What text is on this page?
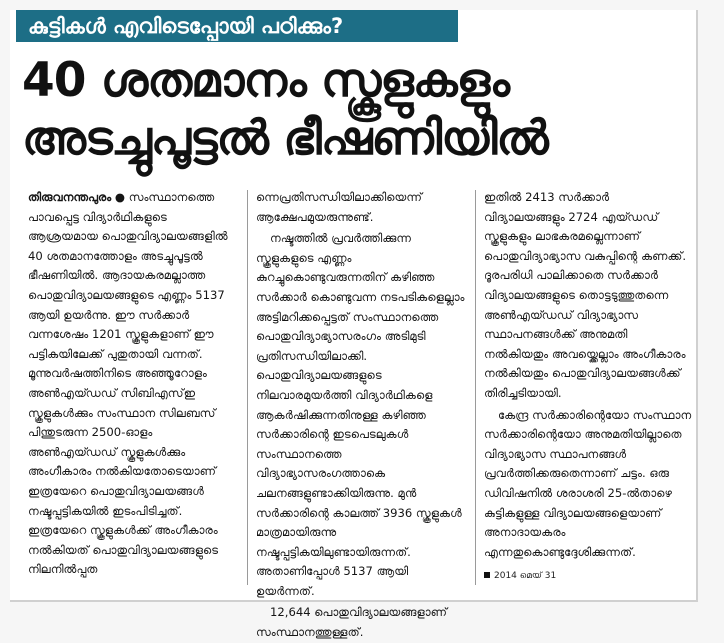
കുട്ടികൾ എവിടെപ്പോയി പഠിക്കും?
40 ശതമാനം സ്കൂളുകളും
അടച്ചുപൂട്ടൽ ഭീഷണിയിൽ

തിരുവനന്തപുരം ● സംസ്ഥാനത്തെ പാവപ്പെട്ട വിദ്യാർഥികളുടെ ആശ്രയമായ പൊതുവിദ്യാലയങ്ങളിൽ 40 ശതമാനത്തോളം അടച്ചുപൂട്ടൽ ഭീഷണിയിൽ. ആദായകരമല്ലാത്ത പൊതുവിദ്യാലയങ്ങളുടെ എണ്ണം 5137 ആയി ഉയർന്നു. ഈ സർക്കാർ വന്നശേഷം 1201 സ്കൂളുകളാണ് ഈ പട്ടികയിലേക്ക് പുതുതായി വന്നത്. മൂന്നുവർഷത്തിനിടെ അഞ്ഞൂറോളം അൺഎയ്ഡഡ് സിബിഎസ്ഇ സ്കൂളുകൾക്കും സംസ്ഥാന സിലബസ് പിന്തുടരുന്ന 2500-ഓളം അൺഎയ്ഡഡ് സ്കൂളുകൾക്കും അംഗീകാരം നൽകിയതോടെയാണ് ഇത്രയേറെ പൊതുവിദ്യാലയങ്ങൾ നഷ്ടപ്പട്ടികയിൽ ഇടംപിടിച്ചത്. ഇത്രയേറെ സ്കൂളുകൾക്ക് അംഗീകാരം നൽകിയത് പൊതുവിദ്യാലയങ്ങളുടെ നിലനിൽപ്പത

ന്നെപ്രതിസന്ധിയിലാക്കിയെന്ന് ആക്ഷേപമുയരുന്നുണ്ട്.

നഷ്ടത്തിൽ പ്രവർത്തിക്കുന്ന സ്കൂളുകളുടെ എണ്ണം കുറച്ചുകൊണ്ടുവരുന്നതിന് കഴിഞ്ഞ സർക്കാർ കൊണ്ടുവന്ന നടപടികളെല്ലാം അട്ടിമറിക്കപ്പെട്ടത് സംസ്ഥാനത്തെ പൊതുവിദ്യാഭ്യാസരംഗം അടിമുടി പ്രതിസന്ധിയിലാക്കി. പൊതുവിദ്യാലയങ്ങളുടെ നിലവാരമുയർത്തി വിദ്യാർഥികളെ ആകർഷിക്കുന്നതിനുള്ള കഴിഞ്ഞ സർക്കാരിന്റെ ഇടപെടലുകൾ സംസ്ഥാനത്തെ വിദ്യാഭ്യാസരംഗത്താകെ ചലനങ്ങളുണ്ടാക്കിയിരുന്നു. മുൻ സർക്കാരിന്റെ കാലത്ത് 3936 സ്കൂളുകൾ മാത്രമായിരുന്നു നഷ്ടപ്പട്ടികയിലുണ്ടായിരുന്നത്. അതാണിപ്പോൾ 5137 ആയി ഉയർന്നത്.

12,644 പൊതുവിദ്യാലയങ്ങളാണ് സംസ്ഥാനത്തുള്ളത്.

ഇതിൽ 2413 സർക്കാർ വിദ്യാലയങ്ങളും 2724 എയ്ഡഡ് സ്കൂളുകളും ലാഭകരമല്ലെന്നാണ് പൊതുവിദ്യാഭ്യാസ വകുപ്പിന്റെ കണക്ക്. ദൂരപരിധി പാലിക്കാതെ സർക്കാർ വിദ്യാലയങ്ങളുടെ തൊട്ടടുത്തുതന്നെ അൺഎയ്ഡഡ് വിദ്യാഭ്യാസ സ്ഥാപനങ്ങൾക്ക് അനുമതി നൽകിയതും അവയ്ക്കെല്ലാം അംഗീകാരം നൽകിയതും പൊതുവിദ്യാലയങ്ങൾക്ക് തിരിച്ചടിയായി.

കേന്ദ്ര സർക്കാരിന്റെയോ സംസ്ഥാന സർക്കാരിന്റെയോ അനുമതിയില്ലാതെ വിദ്യാഭ്യാസ സ്ഥാപനങ്ങൾ പ്രവർത്തിക്കരുതെന്നാണ് ചട്ടം. ഒരു ഡിവിഷനിൽ ശരാശരി 25-ൽതാഴെ കുട്ടികളുള്ള വിദ്യാലയങ്ങളെയാണ് അനാദായകരം എന്നതുകൊണ്ടുദ്ദേശിക്കുന്നത്.

2014 മെയ് 31
